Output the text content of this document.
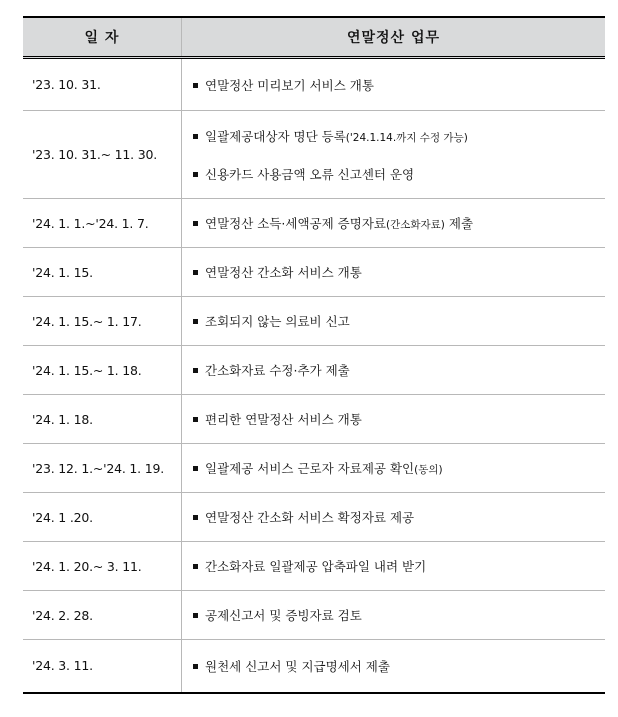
일 자	연말정산 업무
'23. 10. 31.	연말정산 미리보기 서비스 개통

'23. 10. 31.~ 11. 30.	일괄제공대상자 명단 등록 ('24.1.14.까지 수정 가능)
신용카드 사용금액 오류 신고센터 운영

'24. 1. 1.~'24. 1. 7.	연말정산 소득·세액공제 증명자료 (간소화자료) 제출

'24. 1. 15.	연말정산 간소화 서비스 개통

'24. 1. 15.~ 1. 17.	조회되지 않는 의료비 신고

'24. 1. 15.~ 1. 18.	간소화자료 수정·추가 제출

'24. 1. 18.	편리한 연말정산 서비스 개통

'23. 12. 1.~'24. 1. 19.	일괄제공 서비스 근로자 자료제공 확인 (동의)

'24. 1 .20.	연말정산 간소화 서비스 확정자료 제공

'24. 1. 20.~ 3. 11.	간소화자료 일괄제공 압축파일 내려 받기

'24. 2. 28.	공제신고서 및 증빙자료 검토

'24. 3. 11.	원천세 신고서 및 지급명세서 제출
